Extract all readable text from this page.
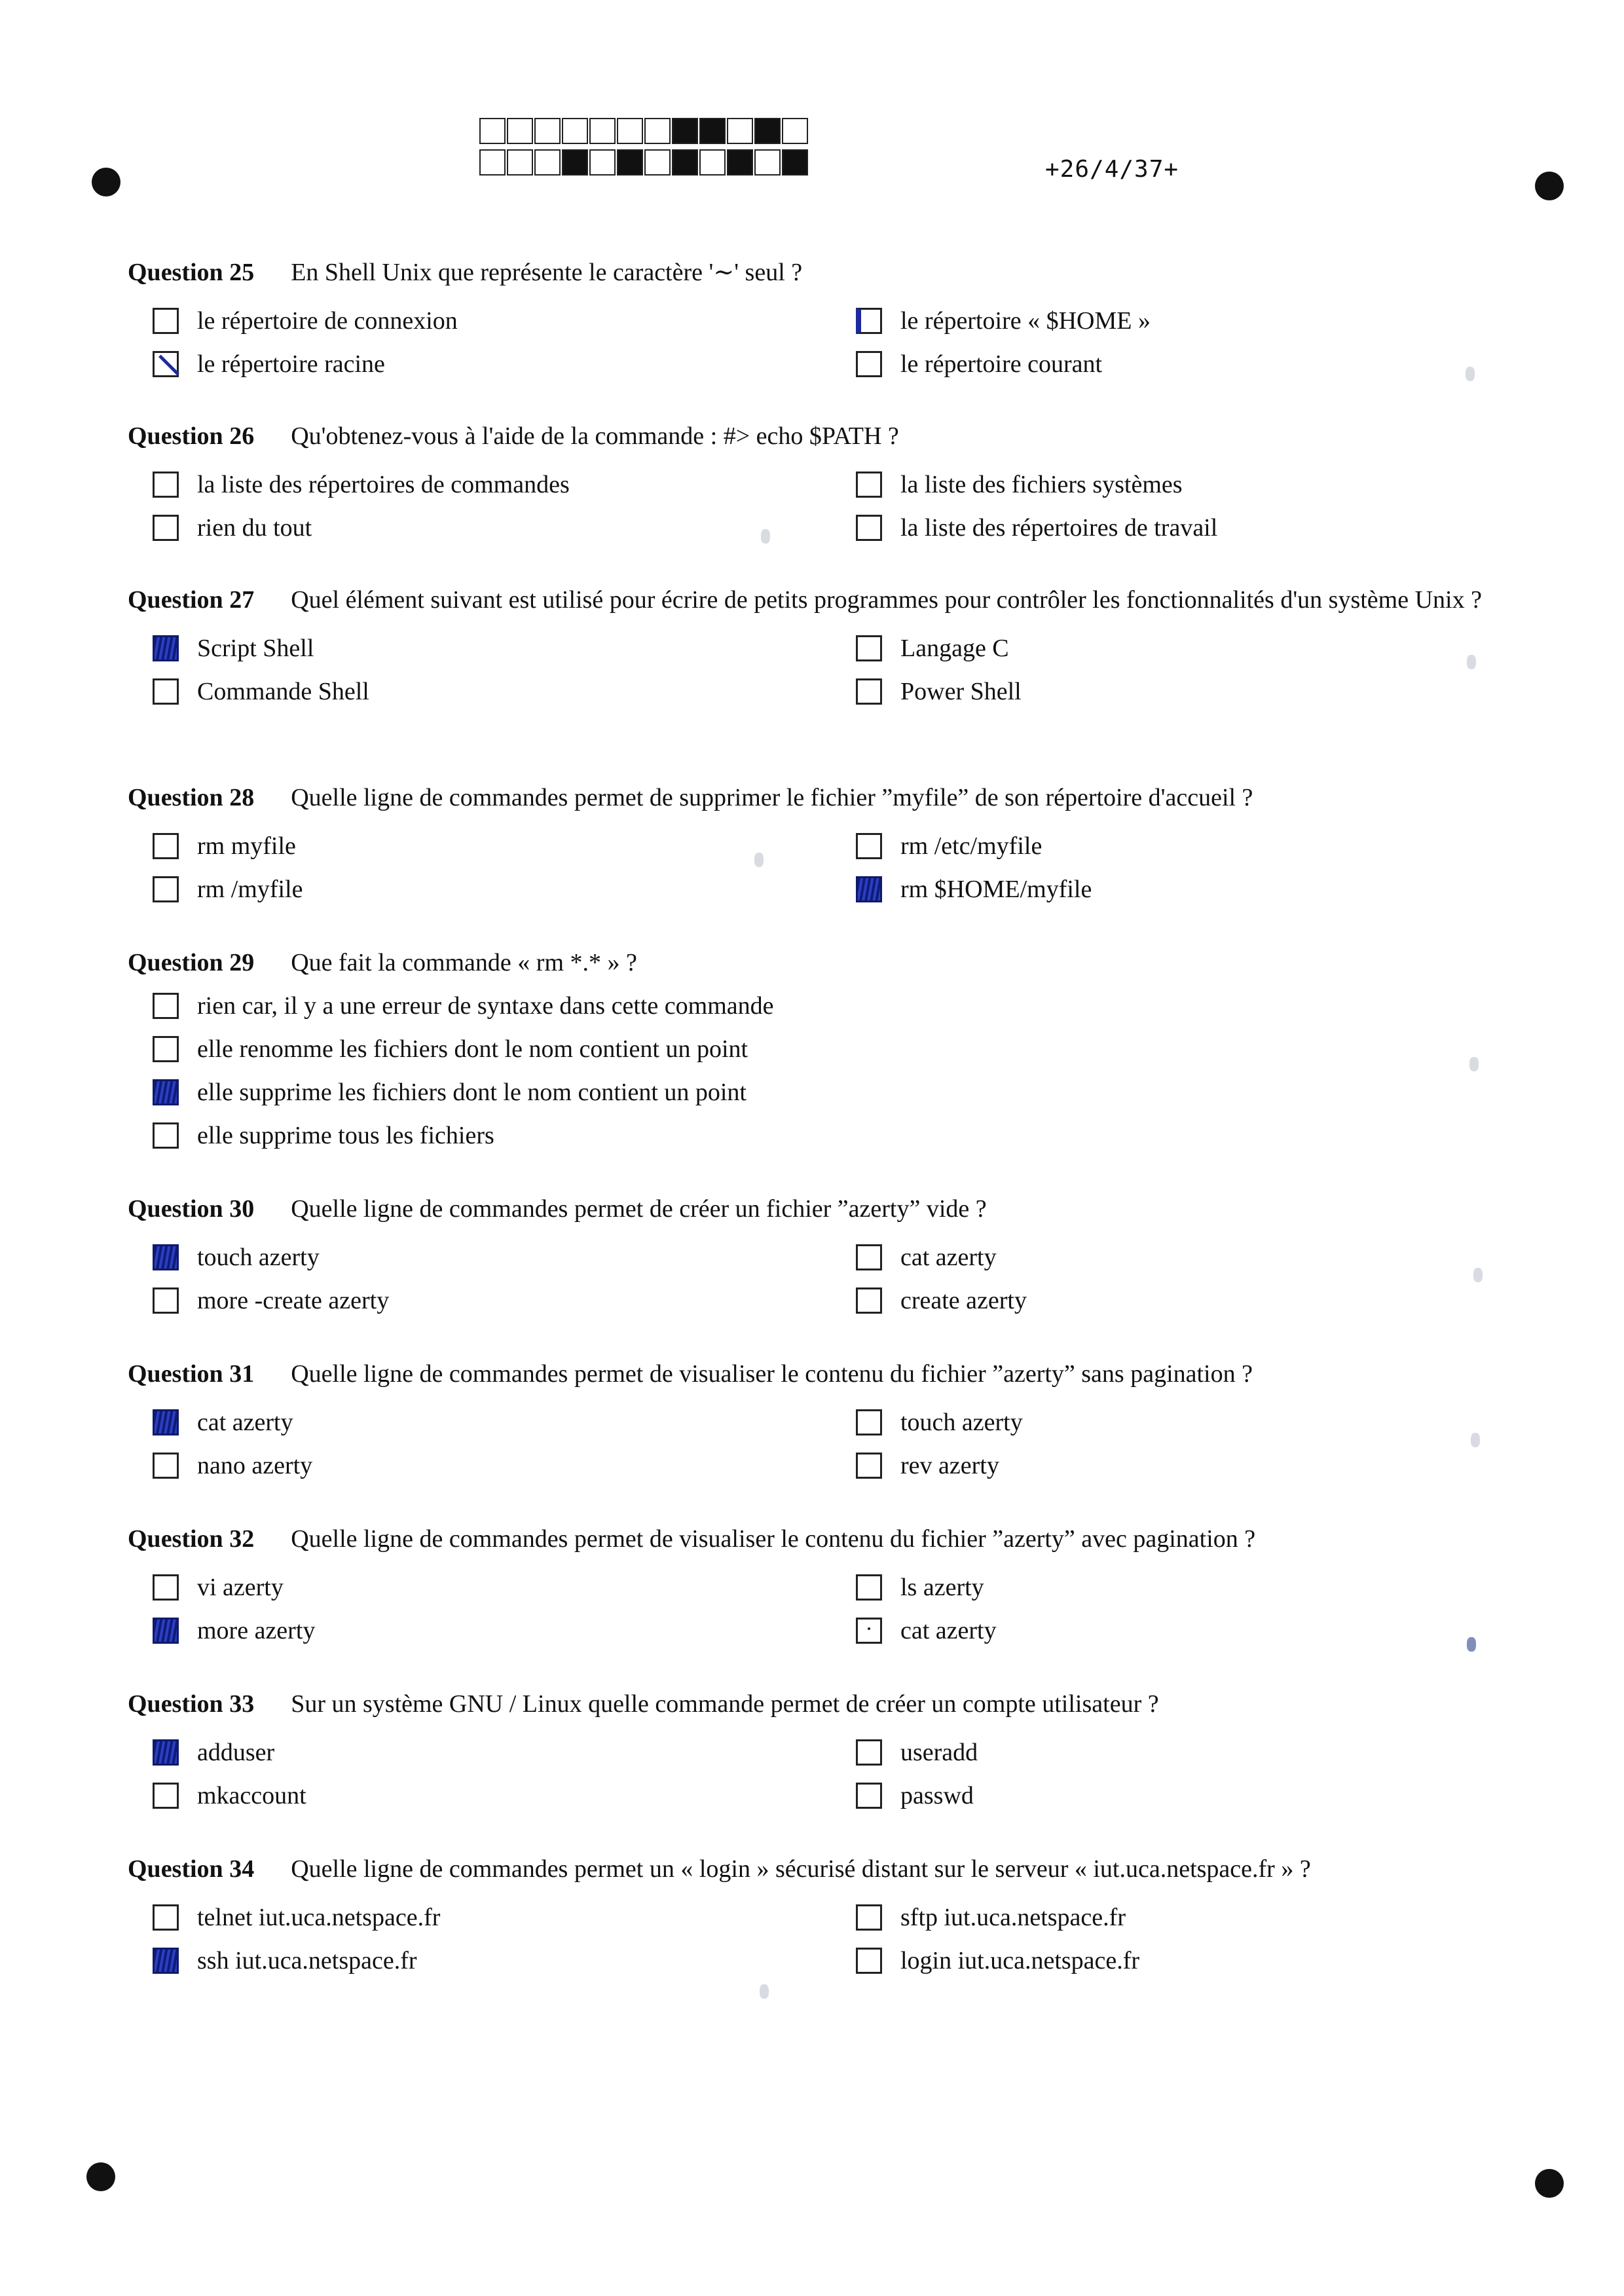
+26/4/37+
Question 25 En Shell Unix que représente le caractère '∼' seul ?
le répertoire de connexion
le répertoire racine
le répertoire « $HOME »
le répertoire courant
Question 26 Qu'obtenez-vous à l'aide de la commande : #> echo $PATH ?
la liste des répertoires de commandes
rien du tout
la liste des fichiers systèmes
la liste des répertoires de travail
Question 27 Quel élément suivant est utilisé pour écrire de petits programmes pour contrôler les fonctionnalités d'un système Unix ?
Script Shell
Commande Shell
Langage C
Power Shell
Question 28 Quelle ligne de commandes permet de supprimer le fichier ”myfile” de son répertoire d'accueil ?
rm myfile
rm /myfile
rm /etc/myfile
rm $HOME/myfile
Question 29 Que fait la commande « rm *.* » ?
rien car, il y a une erreur de syntaxe dans cette commande
elle renomme les fichiers dont le nom contient un point
elle supprime les fichiers dont le nom contient un point
elle supprime tous les fichiers
Question 30 Quelle ligne de commandes permet de créer un fichier ”azerty” vide ?
touch azerty
more -create azerty
cat azerty
create azerty
Question 31 Quelle ligne de commandes permet de visualiser le contenu du fichier ”azerty” sans pagination ?
cat azerty
nano azerty
touch azerty
rev azerty
Question 32 Quelle ligne de commandes permet de visualiser le contenu du fichier ”azerty” avec pagination ?
vi azerty
more azerty
ls azerty
cat azerty
Question 33 Sur un système GNU / Linux quelle commande permet de créer un compte utilisateur ?
adduser
mkaccount
useradd
passwd
Question 34 Quelle ligne de commandes permet un « login » sécurisé distant sur le serveur « iut.uca.netspace.fr » ?
telnet iut.uca.netspace.fr
ssh iut.uca.netspace.fr
sftp iut.uca.netspace.fr
login iut.uca.netspace.fr
